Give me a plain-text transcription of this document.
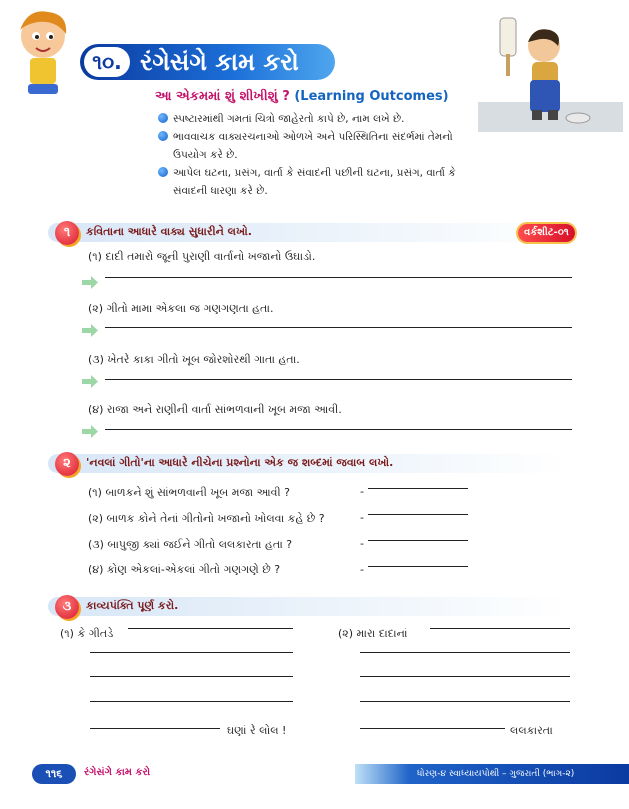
૧૦. રંગેસંગે કામ કરો
આ એકમમાં શું શીખીશું ? (Learning Outcomes)
સ્પષ્ટારમાંથી ગમતાં ચિત્રો જાહેરતો કાપે છે, નામ લખે છે.
ભાવવાચક વાક્યરચનાઓ ઓળખે અને પરિસ્થિતિના સંદર્ભમાં તેમનો ઉપયોગ કરે છે.
આપેલ ઘટના, પ્રસંગ, વાર્તા કે સંવાદની પછીની ઘટના, પ્રસંગ, વાર્તા કે સંવાદની ધારણા કરે છે.
૧	કવિતાના આધારે વાક્ય સુધારીને લખો.	વર્કશીટ-૦૧
(૧) દાદી તમારો જૂની પુરાણી વાર્તાનો ખજાનો ઉઘાડો.
(૨) ગીતો મામા એકલા જ ગણગણતા હતા.
(૩) ખેતરે કાકા ગીતો ખૂબ જોરશોરથી ગાતા હતા.
(૪) રાજા અને રાણીની વાર્તા સાંભળવાની ખૂબ મજા આવી.
૨	'નવલાં ગીતો'ના આધારે નીચેના પ્રશ્નોના એક જ શબ્દમાં જવાબ લખો.
(૧) બાળકને શું સાંભળવાની ખૂબ મજા આવી ?	-
(૨) બાળક કોને તેનાં ગીતોનો ખજાનો ખોલવા કહે છે ?	-
(૩) બાપુજી ક્યાં જઈને ગીતો લલકારતા હતા ?	-
(૪) કોણ એકલાં-એકલાં ગીતો ગણગણે છે ?	-
૩	કાવ્યપંક્તિ પૂર્ણ કરો.
(૧) કે ગીતડે
ઘણાં રે લોલ !
(૨) મારા દાદાનાં
લલકારતા
૧૧૬	રંગેસંગે કામ કરો	ધોરણ-૪ સ્વાધ્યાયપોથી – ગુજરાતી (ભાગ-૨)
